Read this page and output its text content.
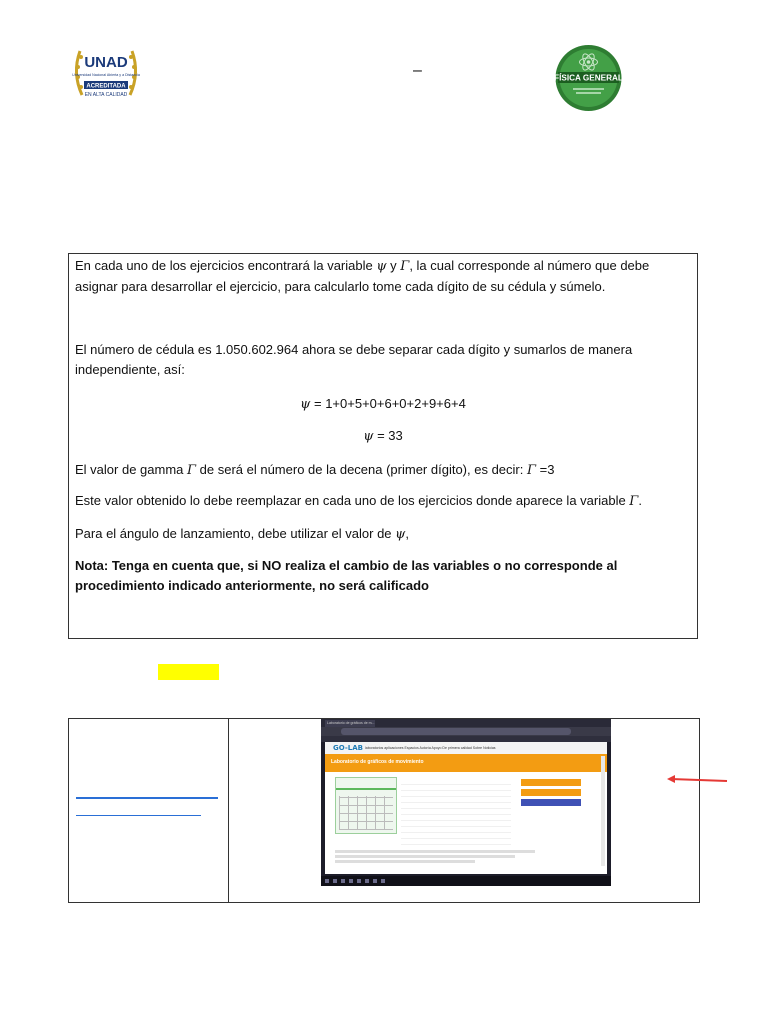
UNAD
Universidad Nacional Abierta y a Distancia
ACREDITADA
EN ALTA CALIDAD
–	FÍSICA GENERAL

En cada uno de los ejercicios encontrará la variable ψ y Γ, la cual corresponde al número que debe asignar para desarrollar el ejercicio, para calcularlo tome cada dígito de su cédula y súmelo.

El número de cédula es 1.050.602.964 ahora se debe separar cada dígito y sumarlos de manera independiente, así:

ψ = 1+0+5+0+6+0+2+9+6+4

ψ = 33

El valor de gamma Γ de será el número de la decena (primer dígito), es decir: Γ =3

Este valor obtenido lo debe reemplazar en cada uno de los ejercicios donde aparece la variable Γ.

Para el ángulo de lanzamiento, debe utilizar el valor de ψ,

Nota: Tenga en cuenta que, si NO realiza el cambio de las variables o no corresponde al procedimiento indicado anteriormente, no será calificado

Laboratorio de gráficos de m...
GO-LAB laboratorios aplicaciones Espacios Autoría Apoyo De primera calidad Sobre Noticias
Laboratorio de gráficos de movimiento
